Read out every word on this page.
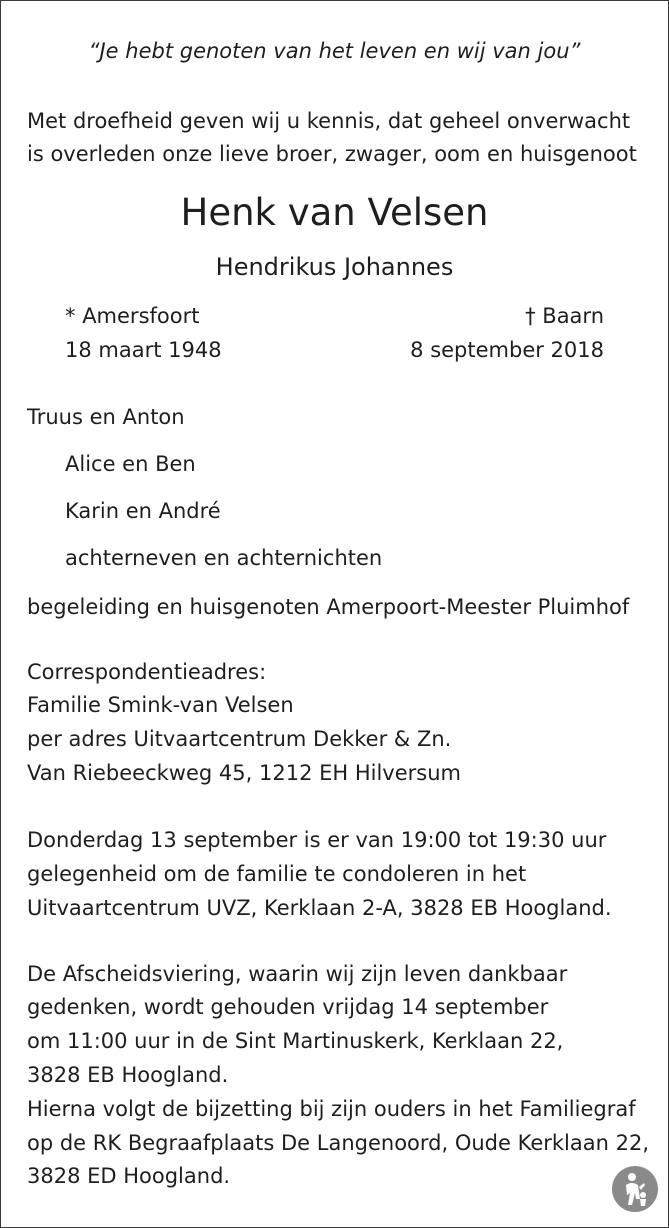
“Je hebt genoten van het leven en wij van jou”
Met droefheid geven wij u kennis, dat geheel onverwacht
is overleden onze lieve broer, zwager, oom en huisgenoot
Henk van Velsen
Hendrikus Johannes
* Amersfoort
18 maart 1948
† Baarn
8 september 2018
Truus en Anton
Alice en Ben
Karin en André
achterneven en achternichten
begeleiding en huisgenoten Amerpoort-Meester Pluimhof
Correspondentieadres:
Familie Smink-van Velsen
per adres Uitvaartcentrum Dekker & Zn.
Van Riebeeckweg 45, 1212 EH Hilversum
Donderdag 13 september is er van 19:00 tot 19:30 uur
gelegenheid om de familie te condoleren in het
Uitvaartcentrum UVZ, Kerklaan 2-A, 3828 EB Hoogland.
De Afscheidsviering, waarin wij zijn leven dankbaar
gedenken, wordt gehouden vrijdag 14 september
om 11:00 uur in de Sint Martinuskerk, Kerklaan 22,
3828 EB Hoogland.
Hierna volgt de bijzetting bij zijn ouders in het Familiegraf
op de RK Begraafplaats De Langenoord, Oude Kerklaan 22,
3828 ED Hoogland.
